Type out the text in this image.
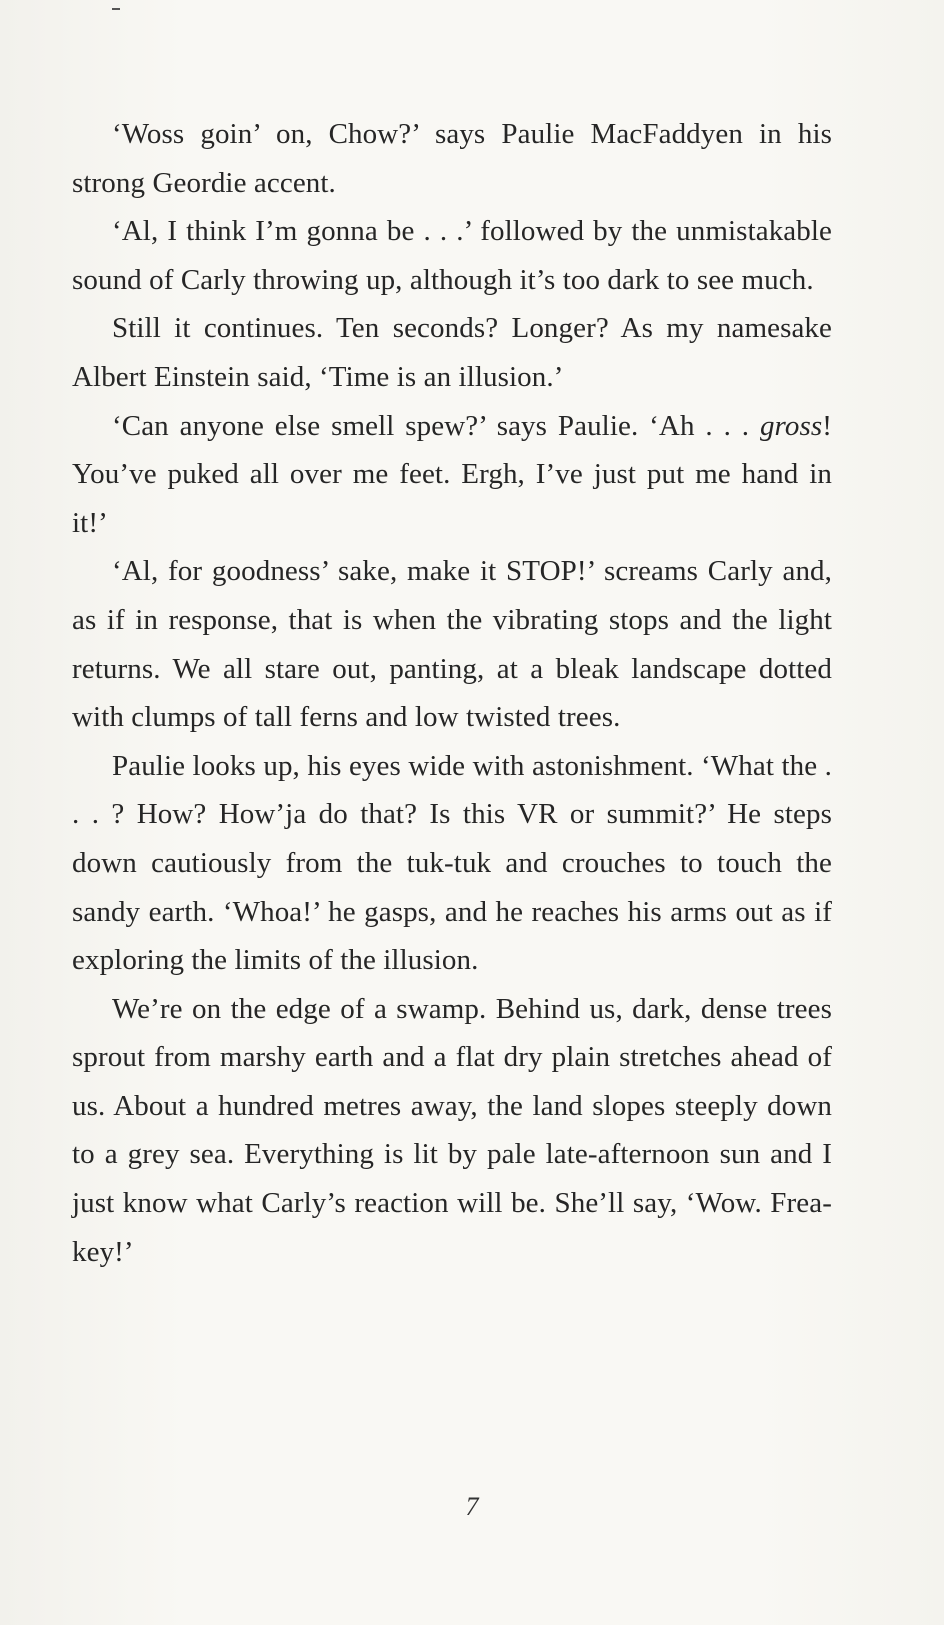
‘Woss goin’ on, Chow?’ says Paulie MacFaddyen in his strong Geordie accent.

‘Al, I think I’m gonna be . . .’ followed by the unmistakable sound of Carly throwing up, although it’s too dark to see much.

Still it continues. Ten seconds? Longer? As my namesake Albert Einstein said, ‘Time is an illusion.’

‘Can anyone else smell spew?’ says Paulie. ‘Ah . . . gross! You’ve puked all over me feet. Ergh, I’ve just put me hand in it!’

‘Al, for goodness’ sake, make it STOP!’ screams Carly and, as if in response, that is when the vibrating stops and the light returns. We all stare out, panting, at a bleak landscape dotted with clumps of tall ferns and low twisted trees.

Paulie looks up, his eyes wide with astonishment. ‘What the . . . ? How? How’ja do that? Is this VR or summit?’ He steps down cautiously from the tuk-tuk and crouches to touch the sandy earth. ‘Whoa!’ he gasps, and he reaches his arms out as if exploring the limits of the illusion.

We’re on the edge of a swamp. Behind us, dark, dense trees sprout from marshy earth and a flat dry plain stretches ahead of us. About a hundred metres away, the land slopes steeply down to a grey sea. Everything is lit by pale late-afternoon sun and I just know what Carly’s reaction will be. She’ll say, ‘Wow. Frea-key!’

7
